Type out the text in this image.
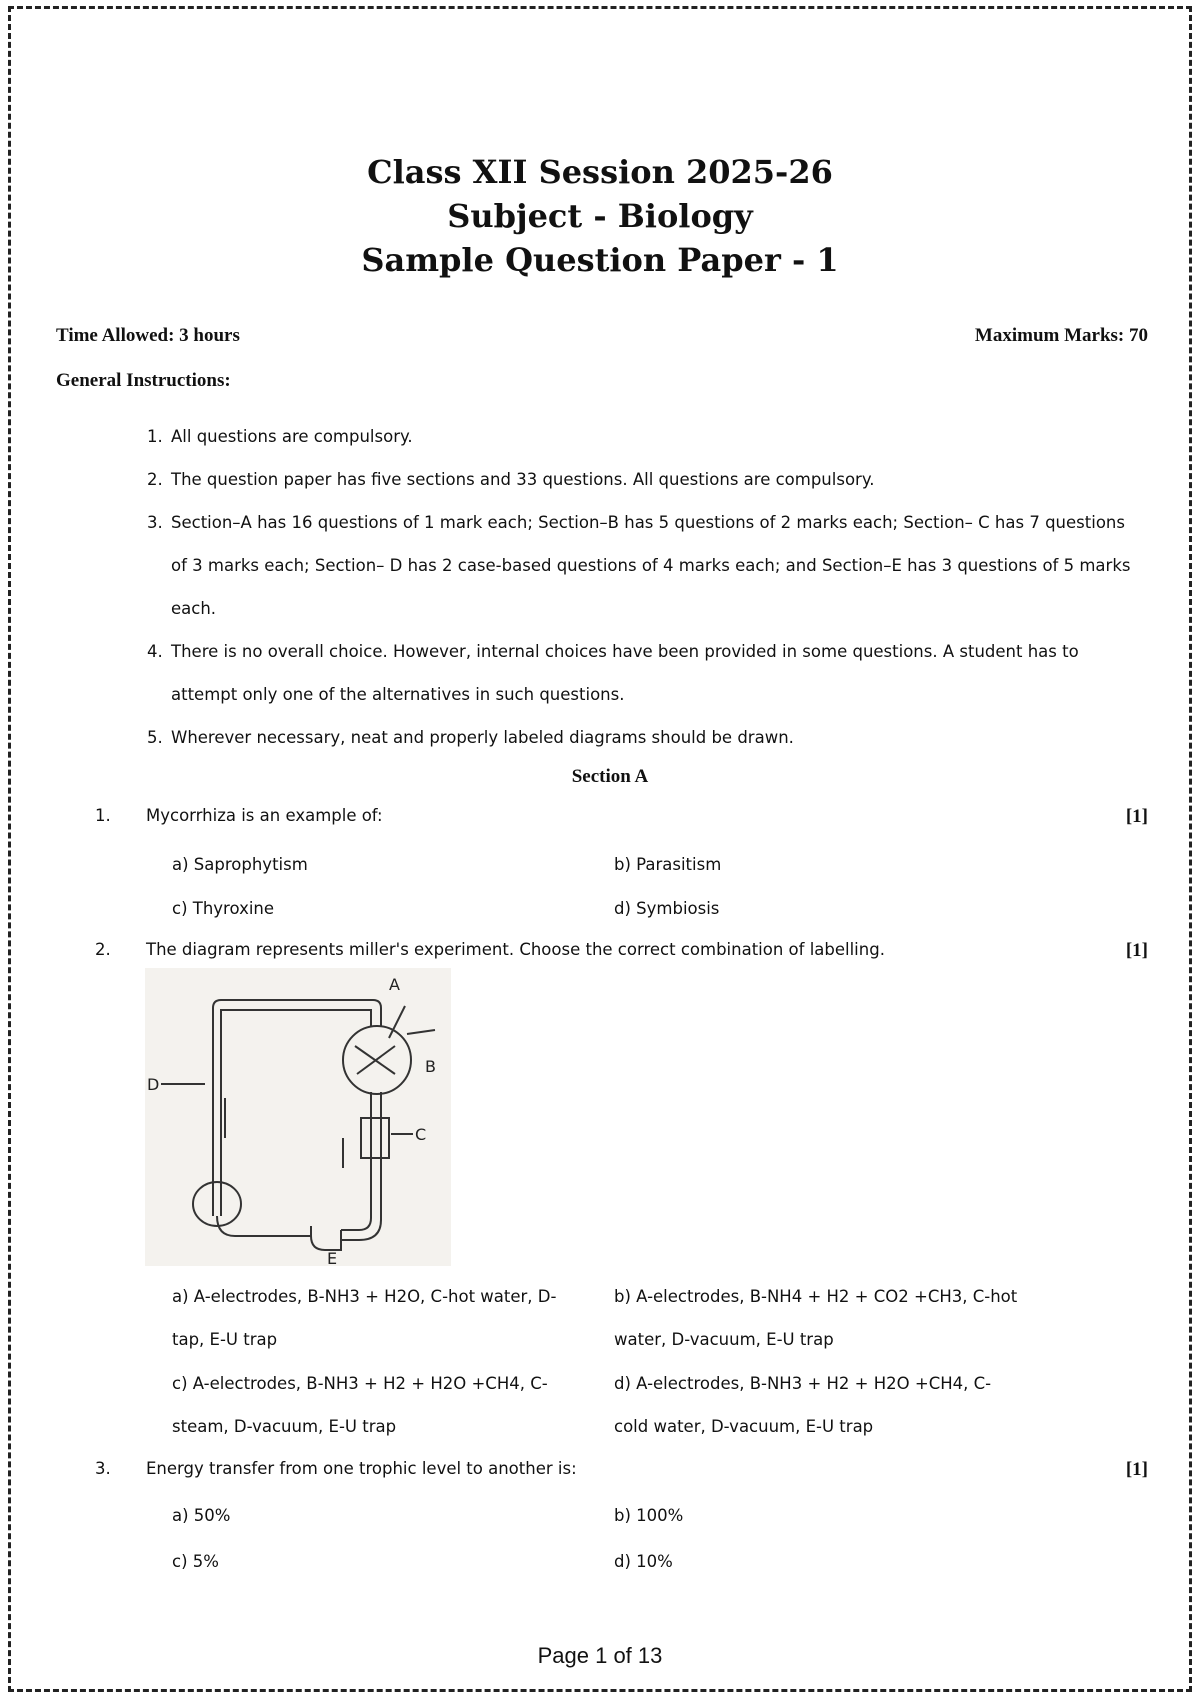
Class XII Session 2025-26
Subject - Biology
Sample Question Paper - 1
Time Allowed: 3 hours	Maximum Marks: 70
General Instructions:
1. All questions are compulsory.
2. The question paper has five sections and 33 questions. All questions are compulsory.
3. Section–A has 16 questions of 1 mark each; Section–B has 5 questions of 2 marks each; Section– C has 7 questions of 3 marks each; Section– D has 2 case-based questions of 4 marks each; and Section–E has 3 questions of 5 marks each.
4. There is no overall choice. However, internal choices have been provided in some questions. A student has to attempt only one of the alternatives in such questions.
5. Wherever necessary, neat and properly labeled diagrams should be drawn.
Section A
1. Mycorrhiza is an example of:	[1]
a) Saprophytism	b) Parasitism
c) Thyroxine	d) Symbiosis
2. The diagram represents miller's experiment. Choose the correct combination of labelling.	[1]
A
B
C
D
E
a) A-electrodes, B-NH3 + H2O, C-hot water, D-tap, E-U trap
b) A-electrodes, B-NH4 + H2 + CO2 +CH3, C-hot water, D-vacuum, E-U trap
c) A-electrodes, B-NH3 + H2 + H2O +CH4, C-steam, D-vacuum, E-U trap
d) A-electrodes, B-NH3 + H2 + H2O +CH4, C-cold water, D-vacuum, E-U trap
3. Energy transfer from one trophic level to another is:	[1]
a) 50%	b) 100%
c) 5%	d) 10%
Page 1 of 13
